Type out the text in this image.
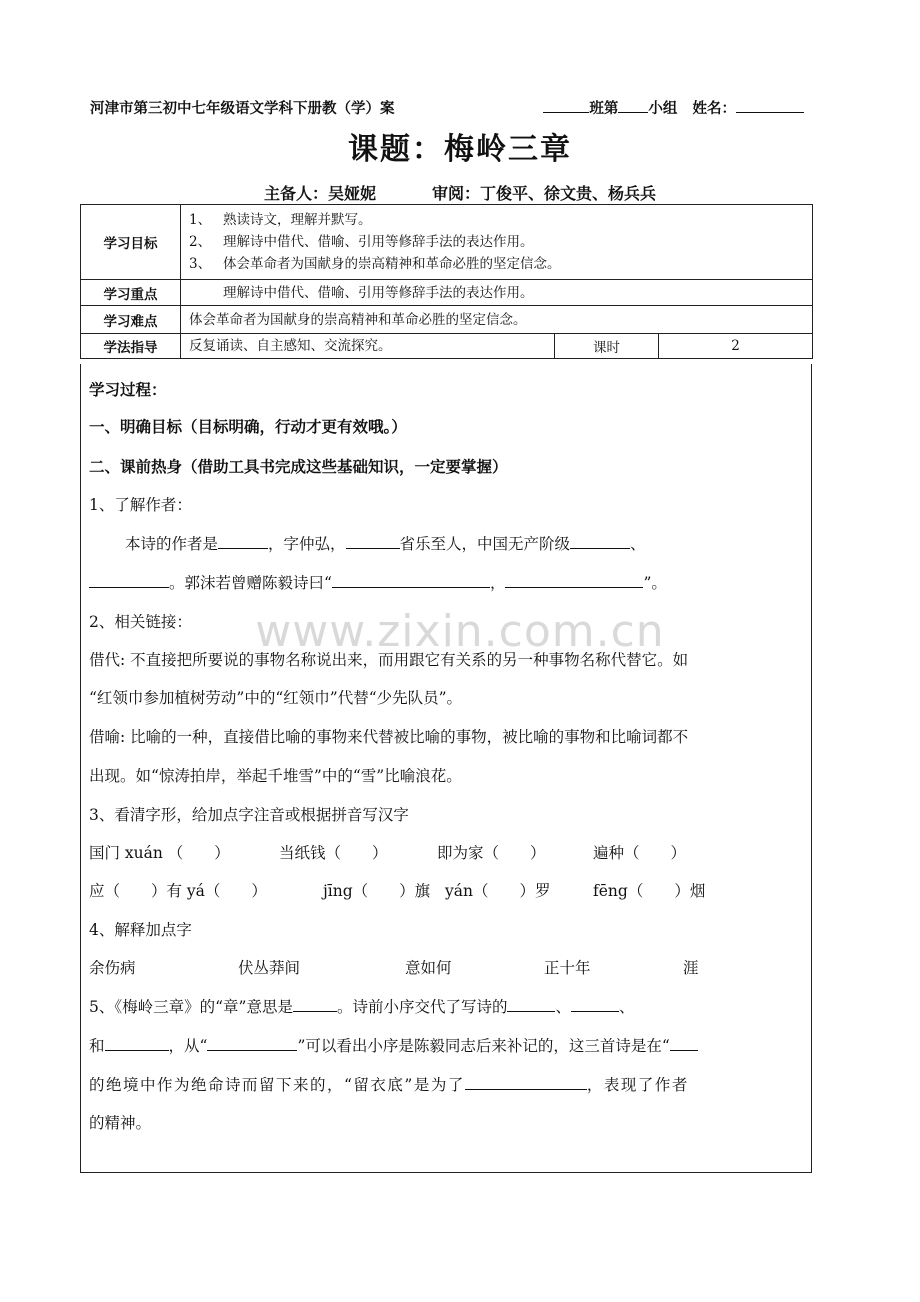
河津市第三初中七年级语文学科下册教（学）案	班第 小组 姓名：
课题：梅岭三章
主备人：吴娅妮	审阅：丁俊平、徐文贵、杨兵兵
学习目标	1、 熟读诗文，理解并默写。
2、 理解诗中借代、借喻、引用等修辞手法的表达作用。
3、 体会革命者为国献身的崇高精神和革命必胜的坚定信念。		

学习重点	理解诗中借代、借喻、引用等修辞手法的表达作用。		
学习难点	体会革命者为国献身的崇高精神和革命必胜的坚定信念。		
学法指导	反复诵读、自主感知、交流探究。	课时	2
学习过程：
一、明确目标（目标明确，行动才更有效哦。）
二、课前热身（借助工具书完成这些基础知识，一定要掌握）
1、了解作者：
本诗的作者是	，字仲弘，	省乐至人，中国无产阶级	、
。郭沫若曾赠陈毅诗曰“	，	”。
2、相关链接：
借代: 不直接把所要说的事物名称说出来，而用跟它有关系的另一种事物名称代替它。如
“红领巾参加植树劳动”中的“红领巾”代替“少先队员”。
借喻: 比喻的一种，直接借比喻的事物来代替被比喻的事物，被比喻的事物和比喻词都不
出现。如“惊涛拍岸，举起千堆雪”中的“雪”比喻浪花。
3、看清字形，给加点字注音或根据拼音写汉字
国门 xuán （　　）	当纸钱（　　）	即为家（　　）	遍种（　　）
应（　　）有 yá（　　）	jīng（　　）旗 yán（　　）罗	fēng（　　）烟
4、解释加点字
余伤病	伏丛莽间	意如何	正十年	涯
5、《梅岭三章》的“章”意思是	。诗前小序交代了写诗的	、	、
和	，从“	”可以看出小序是陈毅同志后来补记的，这三首诗是在“
的绝境中作为绝命诗而留下来的，“留衣底”是为了	，表现了作者
的精神。
www.zixin.com.cn
